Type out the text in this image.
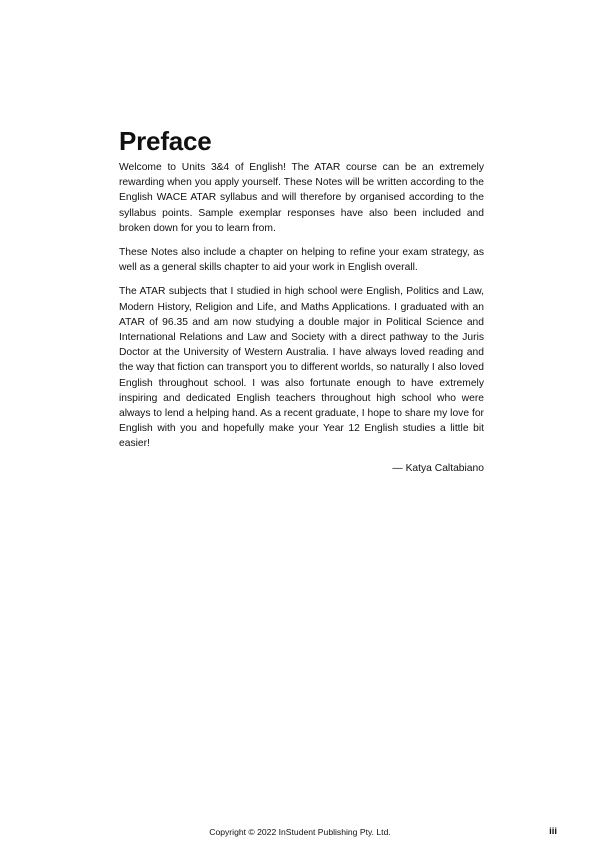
Preface

Welcome to Units 3&4 of English! The ATAR course can be an extremely rewarding when you apply yourself. These Notes will be written according to the English WACE ATAR syllabus and will therefore by organised according to the syllabus points. Sample exemplar responses have also been included and broken down for you to learn from.

These Notes also include a chapter on helping to refine your exam strategy, as well as a general skills chapter to aid your work in English overall.

The ATAR subjects that I studied in high school were English, Politics and Law, Modern History, Religion and Life, and Maths Applications. I graduated with an ATAR of 96.35 and am now studying a double major in Political Science and International Relations and Law and Society with a direct pathway to the Juris Doctor at the University of Western Australia. I have always loved reading and the way that fiction can transport you to different worlds, so naturally I also loved English throughout school. I was also fortunate enough to have extremely inspiring and dedicated English teachers throughout high school who were always to lend a helping hand. As a recent graduate, I hope to share my love for English with you and hopefully make your Year 12 English studies a little bit easier!

— Katya Caltabiano
Copyright © 2022 InStudent Publishing Pty. Ltd.	iii
